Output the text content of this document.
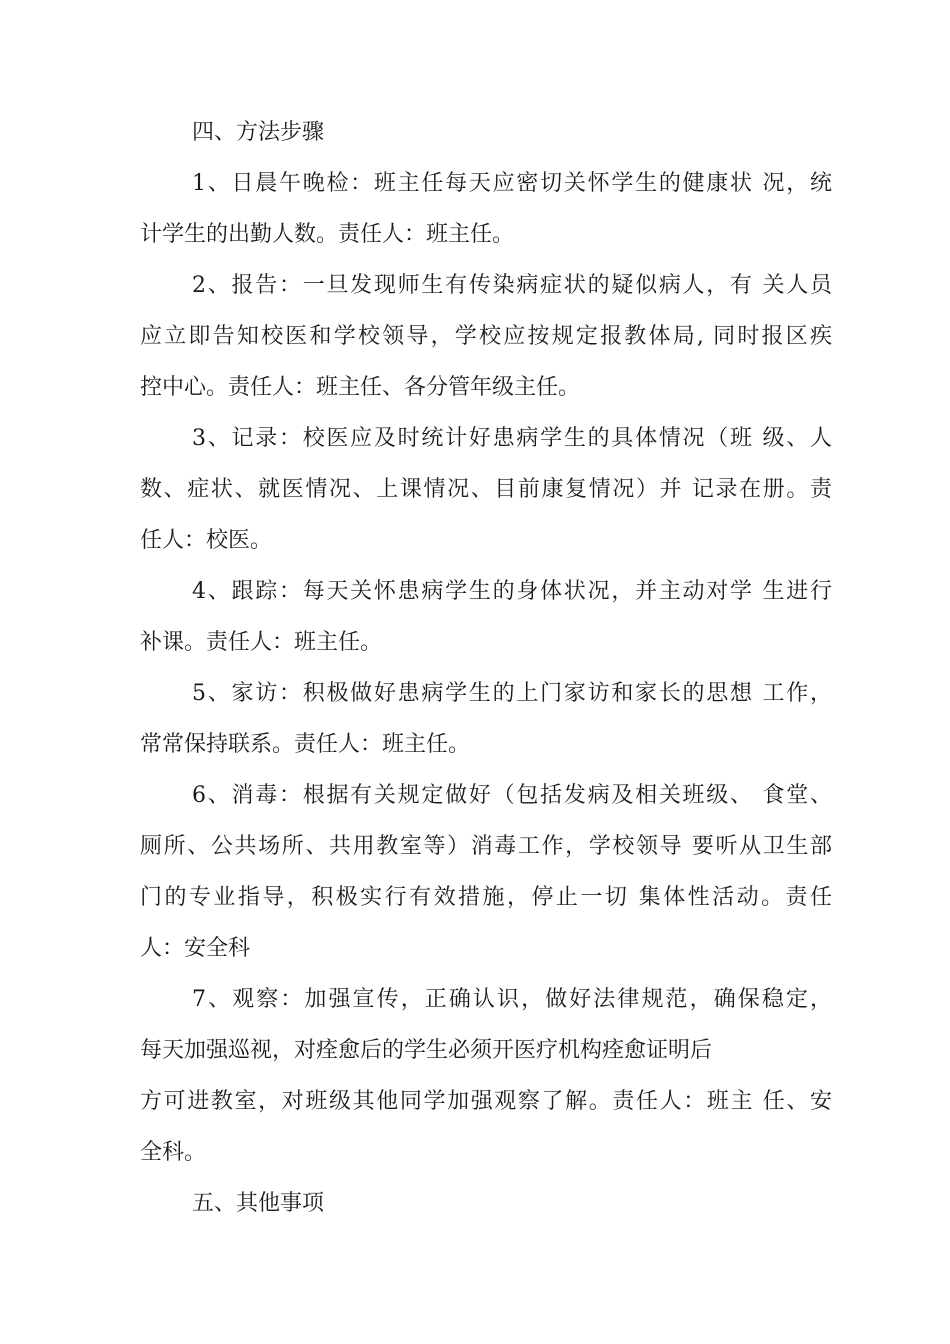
四、方法步骤
1、日晨午晚检：班主任每天应密切关怀学生的健康状 况，统
计学生的出勤人数。责任人：班主任。
2、报告：一旦发现师生有传染病症状的疑似病人，有 关人员
应立即告知校医和学校领导，学校应按规定报教体局, 同时报区疾
控中心。责任人：班主任、各分管年级主任。
3、记录：校医应及时统计好患病学生的具体情况（班 级、人
数、症状、就医情况、上课情况、目前康复情况）并 记录在册。责
任人：校医。
4、跟踪：每天关怀患病学生的身体状况，并主动对学 生进行
补课。责任人：班主任。
5、家访：积极做好患病学生的上门家访和家长的思想 工作，
常常保持联系。责任人：班主任。
6、消毒：根据有关规定做好（包括发病及相关班级、 食堂、
厕所、公共场所、共用教室等）消毒工作，学校领导 要听从卫生部
门的专业指导，积极实行有效措施，停止一切 集体性活动。责任
人：安全科
7、观察：加强宣传，正确认识，做好法律规范，确保稳定，
每天加强巡视，对痊愈后的学生必须开医疗机构痊愈证明后
方可进教室，对班级其他同学加强观察了解。责任人：班主 任、安
全科。
五、其他事项
